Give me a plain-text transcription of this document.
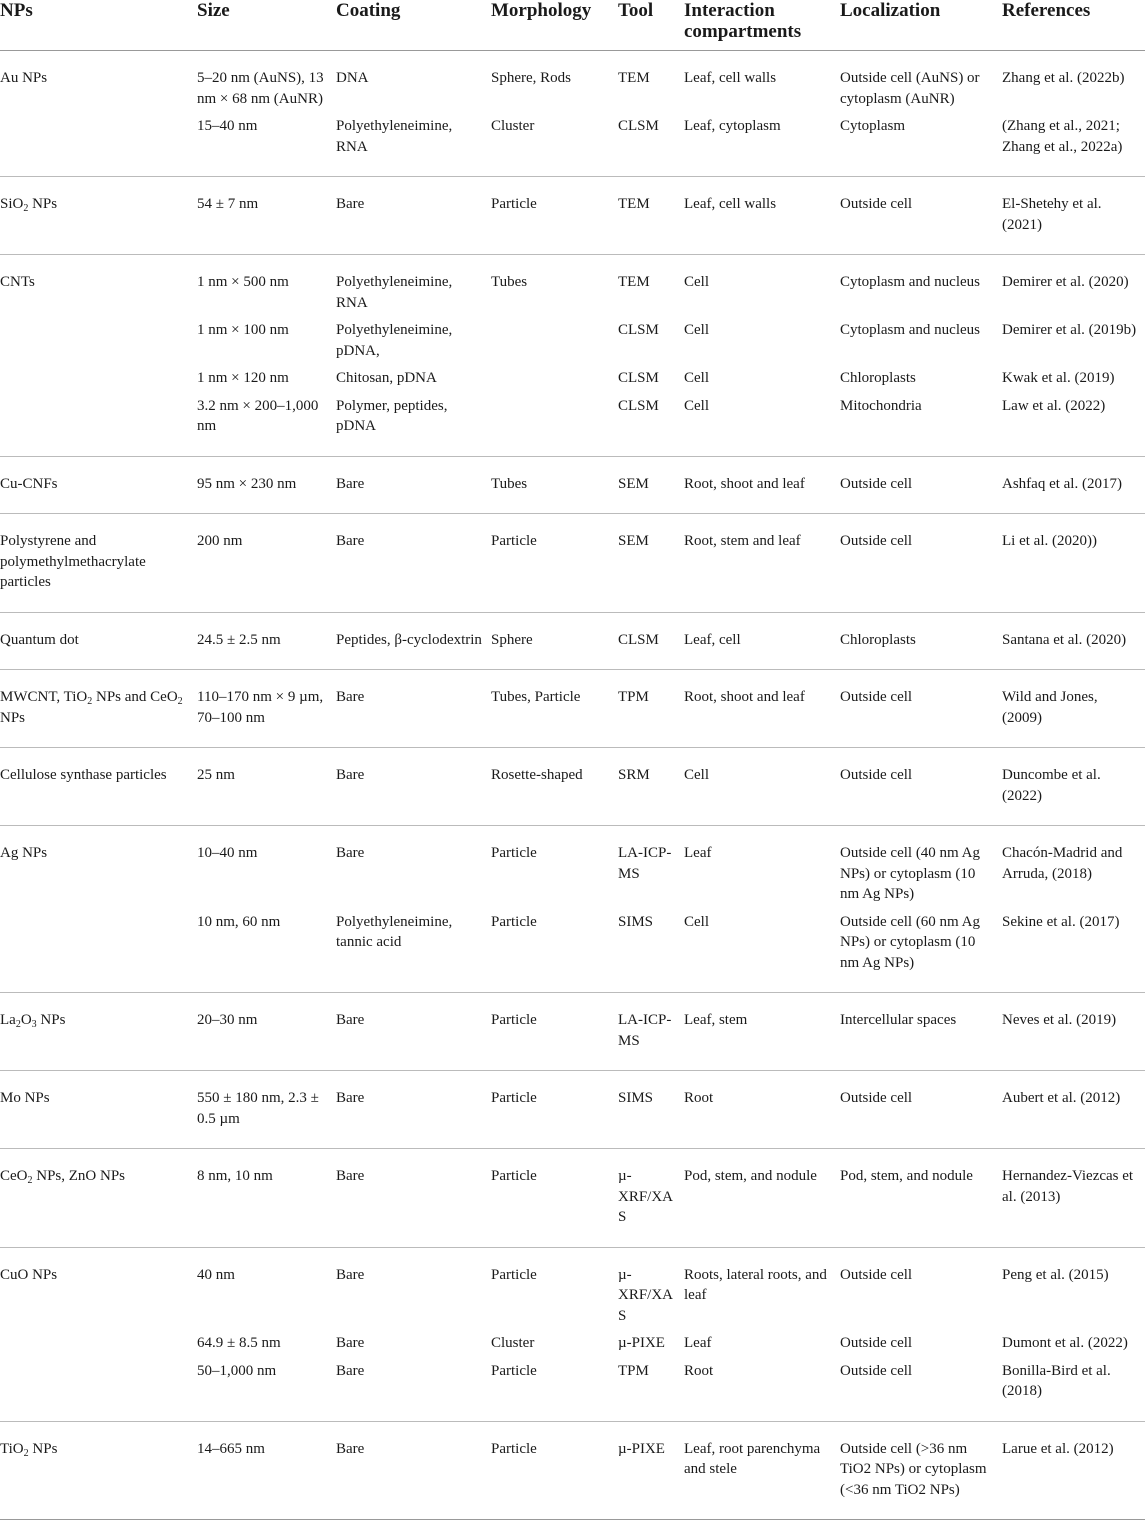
NPs	Size	Coating	Morphology	Tool	Interaction compartments	Localization	References
Au NPs	5–20 nm (AuNS), 13 nm × 68 nm (AuNR)	DNA	Sphere, Rods	TEM	Leaf, cell walls	Outside cell (AuNS) or cytoplasm (AuNR)	Zhang et al. (2022b)
	15–40 nm	Polyethyleneimine, RNA	Cluster	CLSM	Leaf, cytoplasm	Cytoplasm	(Zhang et al., 2021; Zhang et al., 2022a)
SiO$_2$ NPs	54 ± 7 nm	Bare	Particle	TEM	Leaf, cell walls	Outside cell	El-Shetehy et al. (2021)
CNTs	1 nm × 500 nm	Polyethyleneimine, RNA	Tubes	TEM	Cell	Cytoplasm and nucleus	Demirer et al. (2020)
	1 nm × 100 nm	Polyethyleneimine, pDNA,		CLSM	Cell	Cytoplasm and nucleus	Demirer et al. (2019b)
	1 nm × 120 nm	Chitosan, pDNA		CLSM	Cell	Chloroplasts	Kwak et al. (2019)
	3.2 nm × 200–1,000 nm	Polymer, peptides, pDNA		CLSM	Cell	Mitochondria	Law et al. (2022)
Cu-CNFs	95 nm × 230 nm	Bare	Tubes	SEM	Root, shoot and leaf	Outside cell	Ashfaq et al. (2017)
Polystyrene and polymethylmethacrylate particles	200 nm	Bare	Particle	SEM	Root, stem and leaf	Outside cell	Li et al. (2020))
Quantum dot	24.5 ± 2.5 nm	Peptides, β-cyclodextrin	Sphere	CLSM	Leaf, cell	Chloroplasts	Santana et al. (2020)
MWCNT, TiO$_2$ NPs and CeO$_2$ NPs	110–170 nm × 9 µm, 70–100 nm	Bare	Tubes, Particle	TPM	Root, shoot and leaf	Outside cell	Wild and Jones, (2009)
Cellulose synthase particles	25 nm	Bare	Rosette-shaped	SRM	Cell	Outside cell	Duncombe et al. (2022)
Ag NPs	10–40 nm	Bare	Particle	LA-ICP-MS	Leaf	Outside cell (40 nm Ag NPs) or cytoplasm (10 nm Ag NPs)	Chacón-Madrid and Arruda, (2018)
	10 nm, 60 nm	Polyethyleneimine, tannic acid	Particle	SIMS	Cell	Outside cell (60 nm Ag NPs) or cytoplasm (10 nm Ag NPs)	Sekine et al. (2017)
$La_2O_3$ NPs	20–30 nm	Bare	Particle	LA-ICP-MS	Leaf, stem	Intercellular spaces	Neves et al. (2019)
Mo NPs	550 ± 180 nm, 2.3 ± 0.5 µm	Bare	Particle	SIMS	Root	Outside cell	Aubert et al. (2012)
CeO$_2$ NPs, ZnO NPs	8 nm, 10 nm	Bare	Particle	µ-XRF/XAS	Pod, stem, and nodule	Pod, stem, and nodule	Hernandez-Viezcas et al. (2013)
CuO NPs	40 nm	Bare	Particle	µ-XRF/XAS	Roots, lateral roots, and leaf	Outside cell	Peng et al. (2015)
	64.9 ± 8.5 nm	Bare	Cluster	µ-PIXE	Leaf	Outside cell	Dumont et al. (2022)
	50–1,000 nm	Bare	Particle	TPM	Root	Outside cell	Bonilla-Bird et al. (2018)
TiO$_2$ NPs	14–665 nm	Bare	Particle	µ-PIXE	Leaf, root parenchyma and stele	Outside cell (>36 nm TiO2 NPs) or cytoplasm (<36 nm TiO2 NPs)	Larue et al. (2012)
